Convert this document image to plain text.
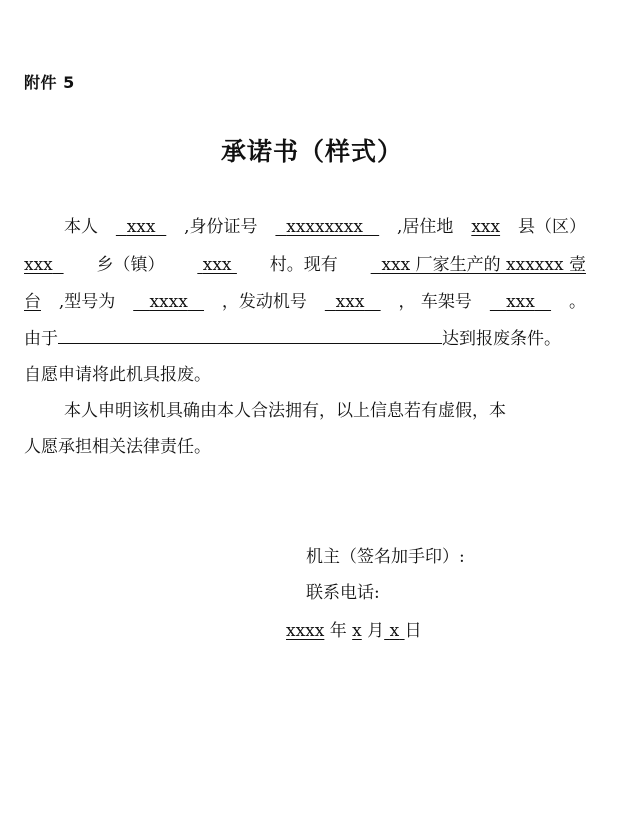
附件 5
承诺书（样式）
本人	xxx	,身份证号	xxxxxxxx	,居住地 xxx 县（区）
xxx	乡（镇）	xxx	村。现有	xxx 厂家生产的 xxxxxx 壹
台 ,型号为	xxxx	，发动机号	xxx	， 车架号	xxx	。
由于	达到报废条件。
自愿申请将此机具报废。
本人申明该机具确由本人合法拥有，以上信息若有虚假，本
人愿承担相关法律责任。
机主（签名加手印）:
联系电话:
xxxx 年 x 月 x 日
